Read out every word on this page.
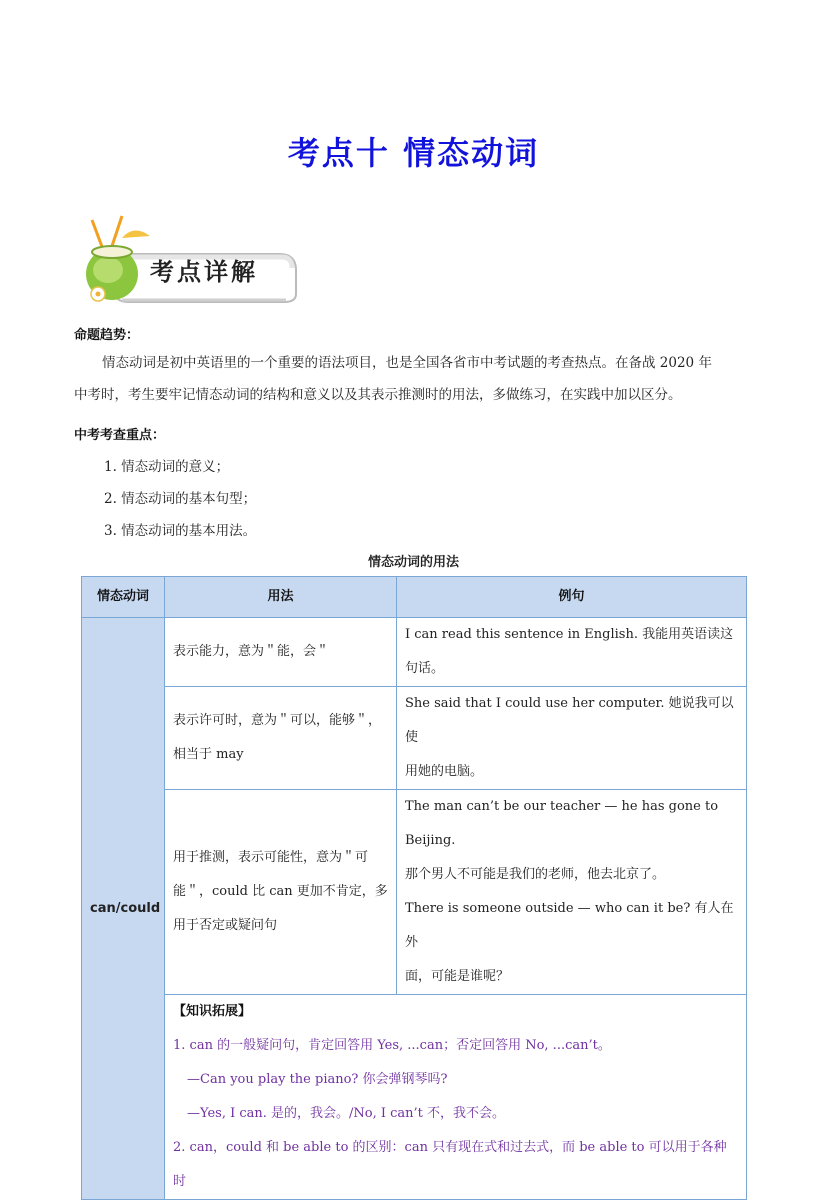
考点十 情态动词
考点详解
命题趋势：

情态动词是初中英语里的一个重要的语法项目，也是全国各省市中考试题的考查热点。在备战 2020 年

中考时，考生要牢记情态动词的结构和意义以及其表示推测时的用法，多做练习，在实践中加以区分。

中考考查重点：
1. 情态动词的意义；
2. 情态动词的基本句型；
3. 情态动词的基本用法。
情态动词的用法
情态动词	用法	例句
can/could	表示能力，意为＂能，会＂	I can read this sentence in English. 我能用英语读这
句话。

	表示许可时，意为＂可以，能够＂，
相当于 may	She said that I could use her computer. 她说我可以使
用她的电脑。

	用于推测，表示可能性，意为＂可
能＂，could 比 can 更加不肯定，多
用于否定或疑问句	The man can’t be our teacher — he has gone to Beijing.
那个男人不可能是我们的老师，他去北京了。
There is someone outside — who can it be? 有人在外
面，可能是谁呢？

	【知识拓展】
1. can 的一般疑问句，肯定回答用 Yes, ...can；否定回答用 No, ...can’t。
—Can you play the piano? 你会弹钢琴吗?
—Yes, I can. 是的，我会。/No, I can’t 不，我不会。
2. can，could 和 be able to 的区别：can 只有现在式和过去式，而 be able to 可以用于各种时	
